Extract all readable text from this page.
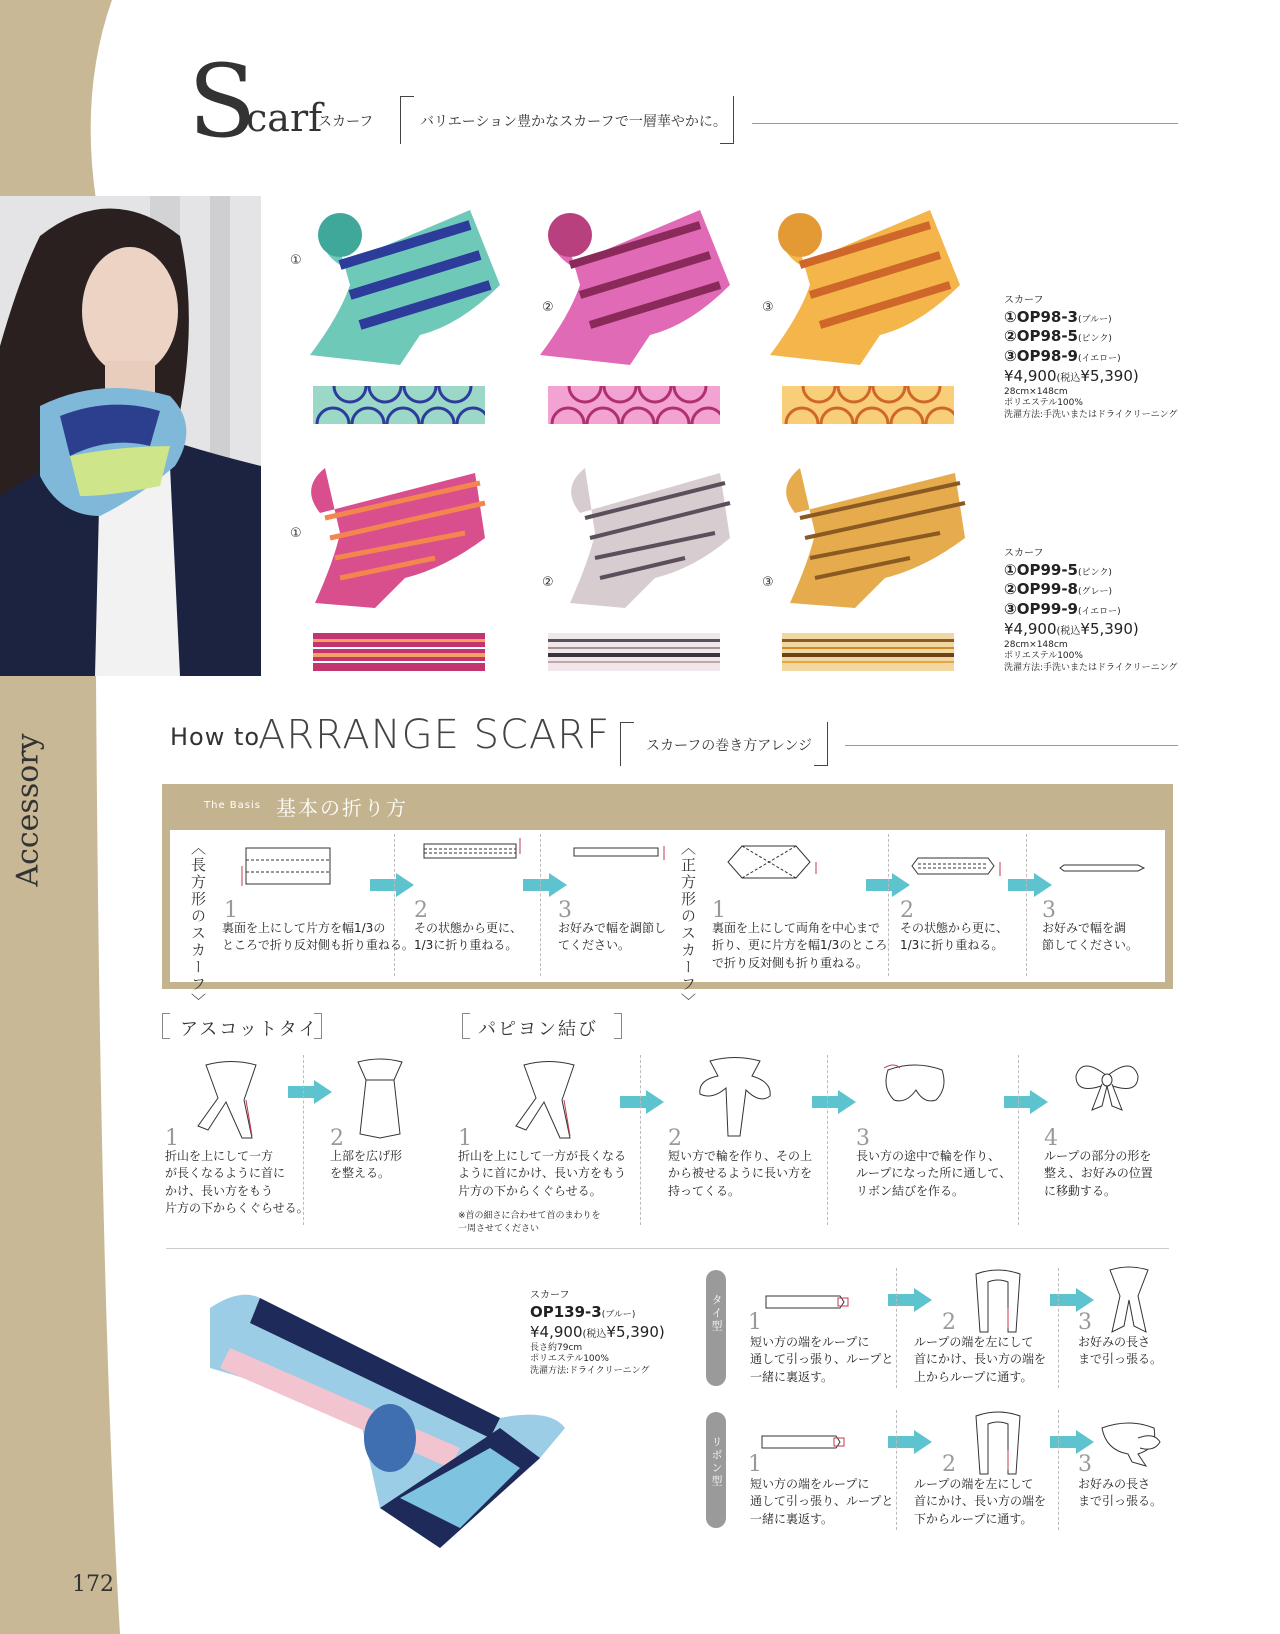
Accessory
172
S
carf
スカーフ	バリエーション豊かなスカーフで一層華やかに。
①
②	③	スカーフ
①OP98-3(ブルー)
②OP98-5(ピンク)
③OP98-9(イエロー)
¥4,900(税込¥5,390)
28cm×148cm
ポリエステル100%
洗濯方法:手洗いまたはドライクリーニング
①
②	③
スカーフ
①OP99-5(ピンク)
②OP99-8(グレー)
③OP99-9(イエロー)
¥4,900(税込¥5,390)
28cm×148cm
ポリエステル100%
洗濯方法:手洗いまたはドライクリーニング
How to
ARRANGE SCARF	スカーフの巻き方アレンジ
The Basis 基本の折り方
〈長方形のスカーフ〉	〈正方形のスカーフ〉
1
裏面を上にして片方を幅1/3の
ところで折り反対側も折り重ねる。
2
その状態から更に、
1/3に折り重ねる。
3
お好みで幅を調節し
てください。
1
裏面を上にして両角を中心まで
折り、更に片方を幅1/3のところ
で折り反対側も折り重ねる。
2
その状態から更に、
1/3に折り重ねる。
3
お好みで幅を調
節してください。
アスコットタイ
1
折山を上にして一方
が長くなるように首に
かけ、長い方をもう
片方の下からくぐらせる。
2
上部を広げ形
を整える。
パピヨン結び
1
折山を上にして一方が長くなる
ように首にかけ、長い方をもう
片方の下からくぐらせる。
※首の細さに合わせて首のまわりを
一周させてください
2
短い方で輪を作り、その上
から被せるように長い方を
持ってくる。
3
長い方の途中で輪を作り、
ループになった所に通して、
リボン結びを作る。
4
ループの部分の形を
整え、お好みの位置
に移動する。
スカーフ
OP139-3(ブルー)
¥4,900(税込¥5,390)
長さ約79cm
ポリエステル100%
洗濯方法:ドライクリーニング
タイ型 1
短い方の端をループに
通して引っ張り、ループと
一緒に裏返す。
2
ループの端を左にして
首にかけ、長い方の端を
上からループに通す。
3
お好みの長さ
まで引っ張る。
リボン型 1
短い方の端をループに
通して引っ張り、ループと
一緒に裏返す。
2
ループの端を左にして
首にかけ、長い方の端を
下からループに通す。
3
お好みの長さ
まで引っ張る。
